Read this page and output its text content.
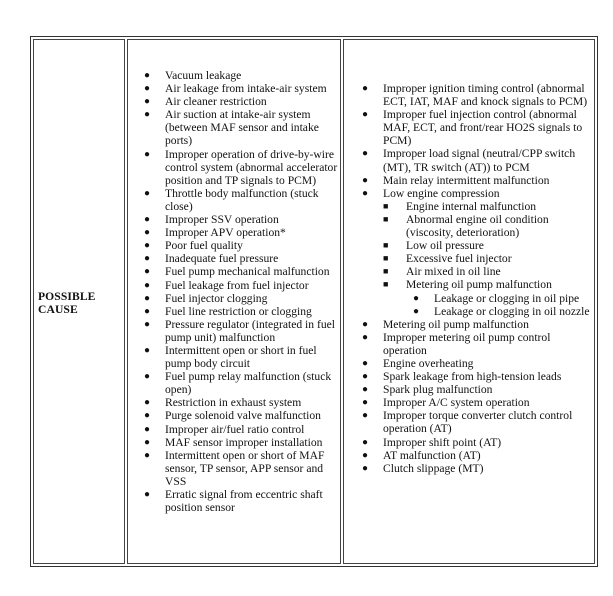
POSSIBLE
CAUSE
● Vacuum leakage
● Air leakage from intake-air system
● Air cleaner restriction
● Air suction at intake-air system (between MAF sensor and intake ports)
● Improper operation of drive-by-wire control system (abnormal accelerator position and TP signals to PCM)
● Throttle body malfunction (stuck close)
● Improper SSV operation
● Improper APV operation*
● Poor fuel quality
● Inadequate fuel pressure
● Fuel pump mechanical malfunction
● Fuel leakage from fuel injector
● Fuel injector clogging
● Fuel line restriction or clogging
● Pressure regulator (integrated in fuel pump unit) malfunction
● Intermittent open or short in fuel pump body circuit
● Fuel pump relay malfunction (stuck open)
● Restriction in exhaust system
● Purge solenoid valve malfunction
● Improper air/fuel ratio control
● MAF sensor improper installation
● Intermittent open or short of MAF sensor, TP sensor, APP sensor and VSS
● Erratic signal from eccentric shaft position sensor
● Improper ignition timing control (abnormal ECT, IAT, MAF and knock signals to PCM)
● Improper fuel injection control (abnormal MAF, ECT, and front/rear HO2S signals to PCM)
● Improper load signal (neutral/CPP switch (MT), TR switch (AT)) to PCM
● Main relay intermittent malfunction
● Low engine compression
■ Engine internal malfunction
■ Abnormal engine oil condition (viscosity, deterioration)
■ Low oil pressure
■ Excessive fuel injector
■ Air mixed in oil line
■ Metering oil pump malfunction
● Leakage or clogging in oil pipe
● Leakage or clogging in oil nozzle
● Metering oil pump malfunction
● Improper metering oil pump control operation
● Engine overheating
● Spark leakage from high-tension leads
● Spark plug malfunction
● Improper A/C system operation
● Improper torque converter clutch control operation (AT)
● Improper shift point (AT)
● AT malfunction (AT)
● Clutch slippage (MT)
